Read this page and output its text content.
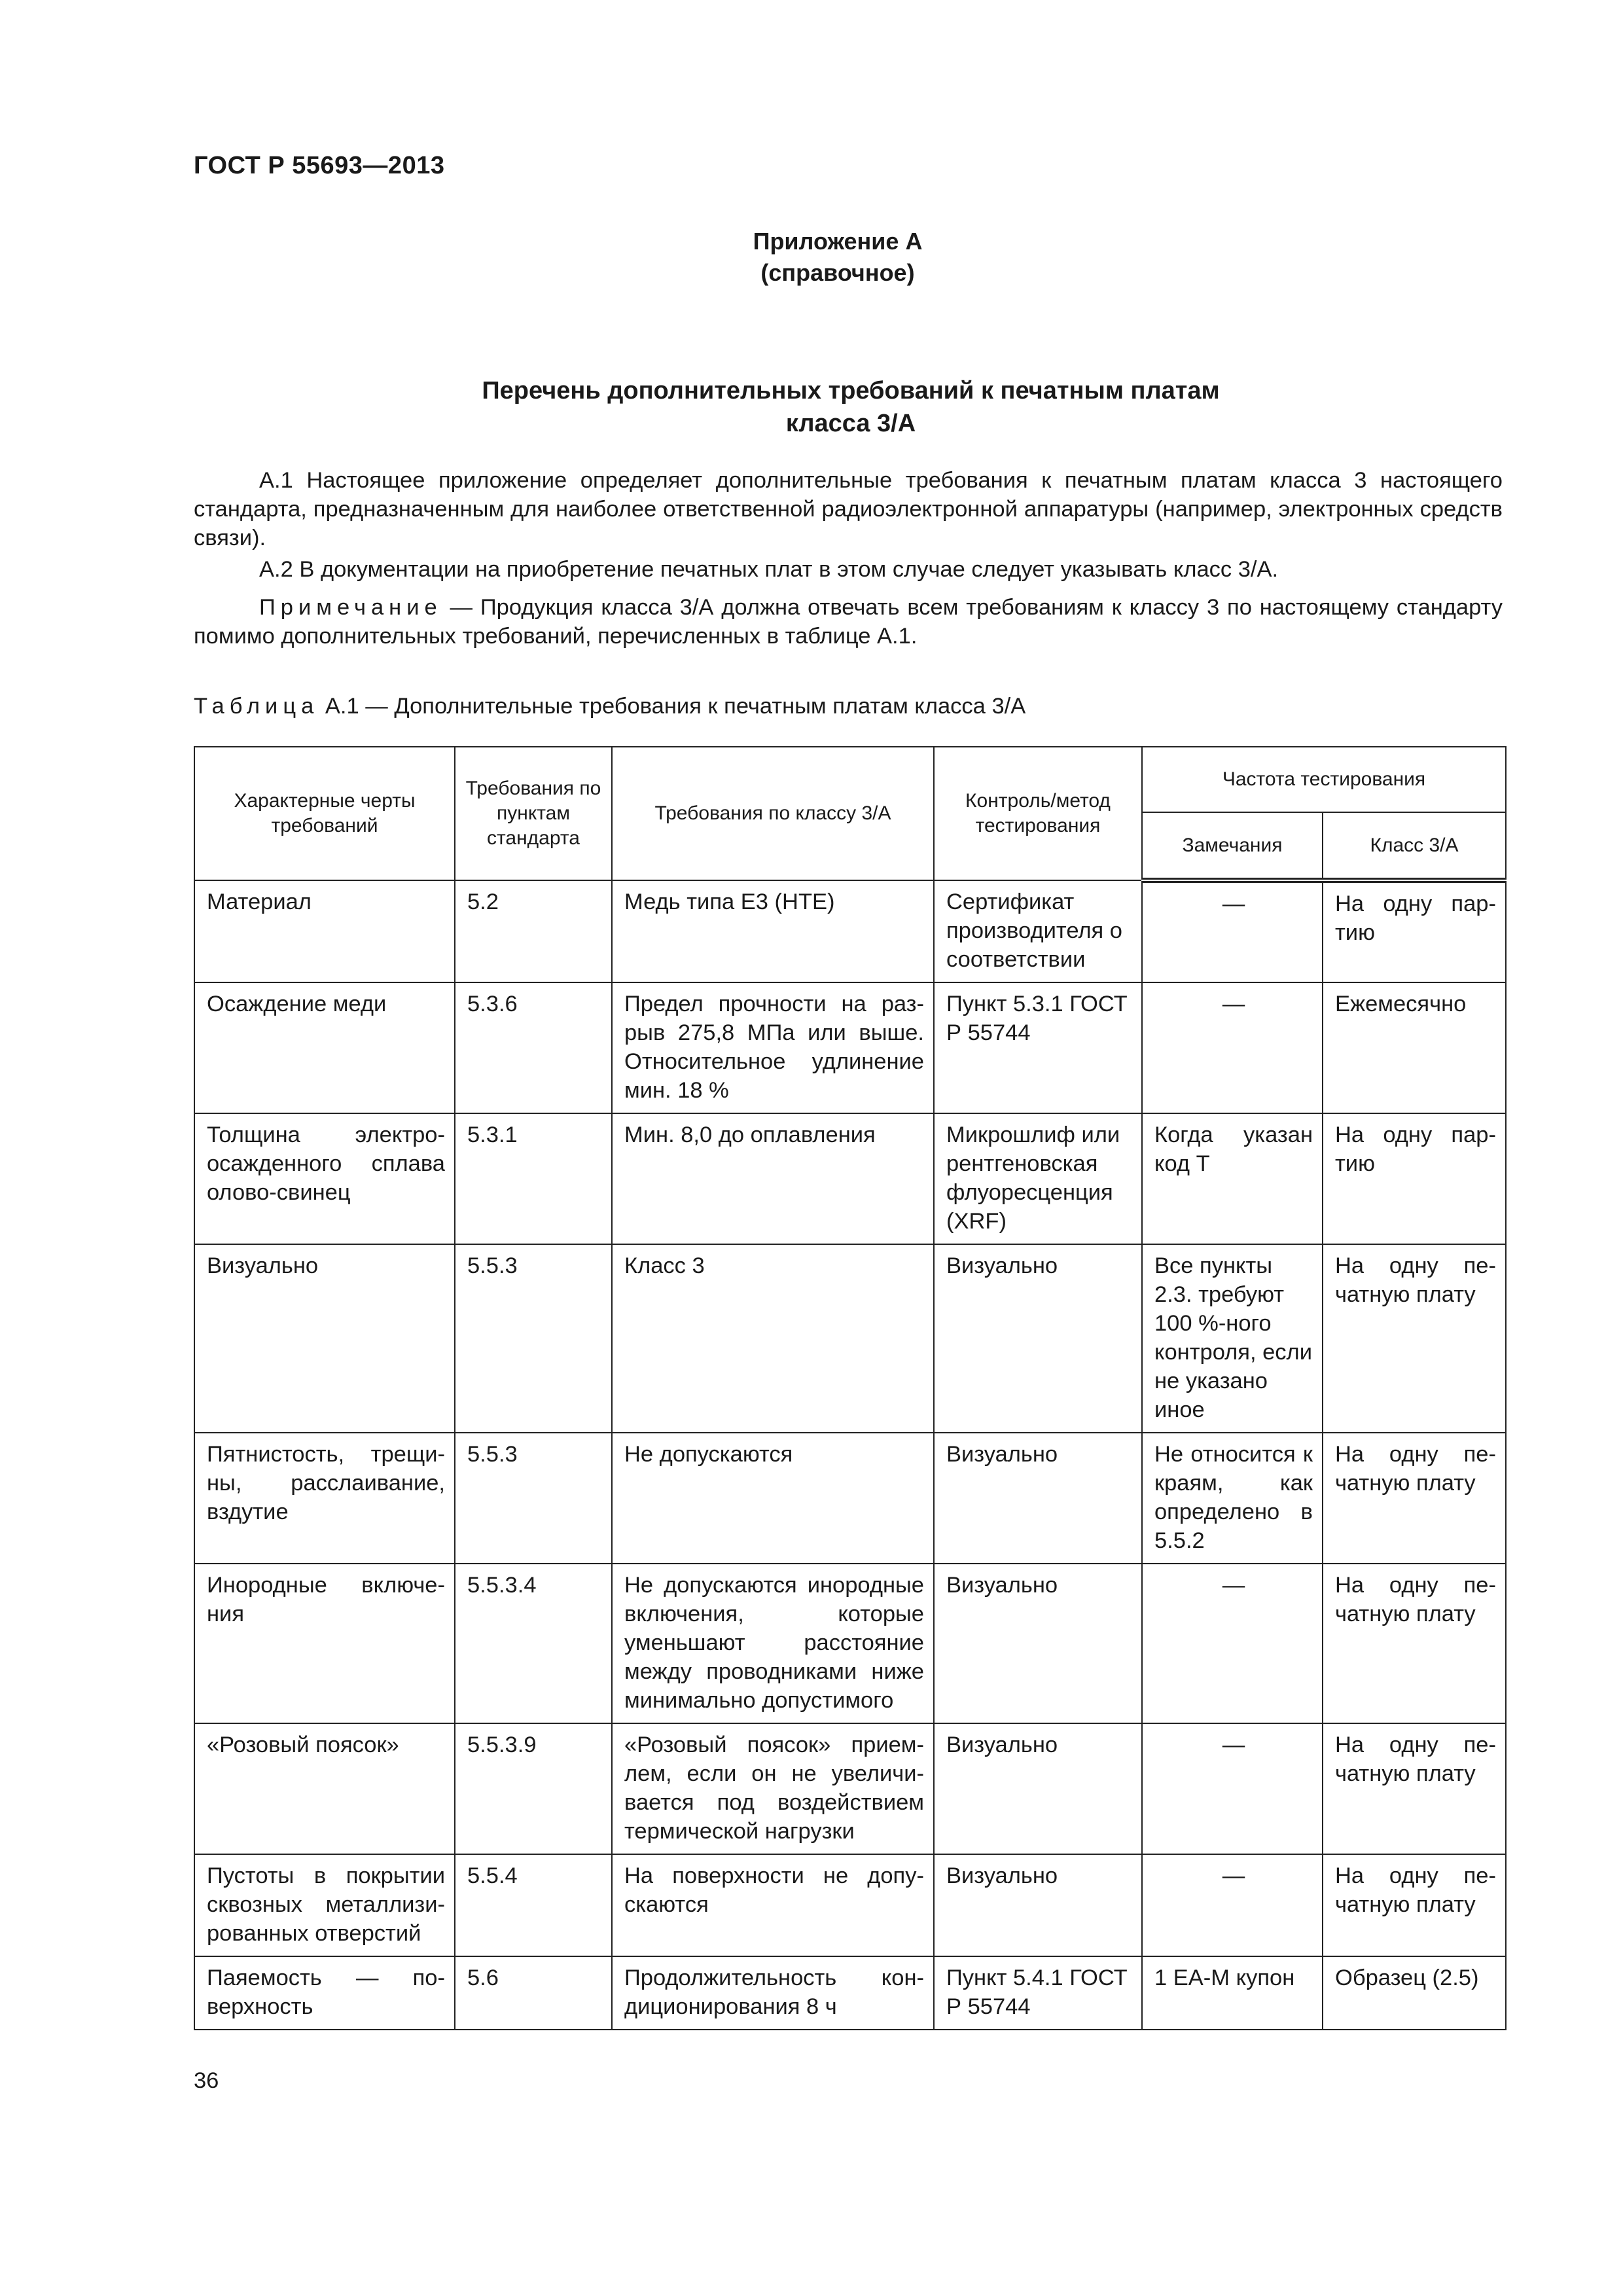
ГОСТ Р 55693—2013
Приложение А
(справочное)
Перечень дополнительных требований к печатным платам
класса 3/А

А.1 Настоящее приложение определяет дополнительные требования к печатным платам класса 3 настоящего стандарта, предназначенным для наиболее ответственной радиоэлектронной аппаратуры (например, электронных средств связи).

А.2 В документации на приобретение печатных плат в этом случае следует указывать класс 3/А.

Примечание — Продукция класса 3/А должна отвечать всем требованиям к классу 3 по настоящему стандарту помимо дополнительных требований, перечисленных в таблице А.1.

Таблица А.1 — Дополнительные требования к печатным платам класса 3/А
Характерные черты требований	Требования по пунктам стандарта	Требования по классу 3/А	Контроль/метод тестирования	Частота тестирования	
				Замечания	Класс 3/А
Материал	5.2	Медь типа Е3 (НТЕ)	Сертификат производителя о соответствии	—	На одну партию
Осаждение меди	5.3.6	Предел прочности на разрыв 275,8 МПа или выше. Относительное удлинение мин. 18 %	Пункт 5.3.1 ГОСТ Р 55744	—	Ежемесячно
Толщина электроосажденного сплава олово-свинец	5.3.1	Мин. 8,0 до оплавления	Микрошлиф или рентгеновская флуоресценция (XRF)	Когда указан код Т	На одну партию
Визуально	5.5.3	Класс 3	Визуально	Все пункты 2.3. требуют 100 %-ного контроля, если не указано иное	На одну печатную плату
Пятнистость, трещины, расслаивание, вздутие	5.5.3	Не допускаются	Визуально	Не относится к краям, как определено в 5.5.2	На одну печатную плату
Инородные включения	5.5.3.4	Не допускаются инородные включения, которые уменьшают расстояние между проводниками ниже минимально допустимого	Визуально	—	На одну печатную плату
«Розовый поясок»	5.5.3.9	«Розовый поясок» приемлем, если он не увеличивается под воздействием термической нагрузки	Визуально	—	На одну печатную плату
Пустоты в покрытии сквозных металлизированных отверстий	5.5.4	На поверхности не допускаются	Визуально	—	На одну печатную плату
Паяемость — поверхность	5.6	Продолжительность кондиционирования 8 ч	Пункт 5.4.1 ГОСТ Р 55744	1 EA-M купон	Образец (2.5)
36
